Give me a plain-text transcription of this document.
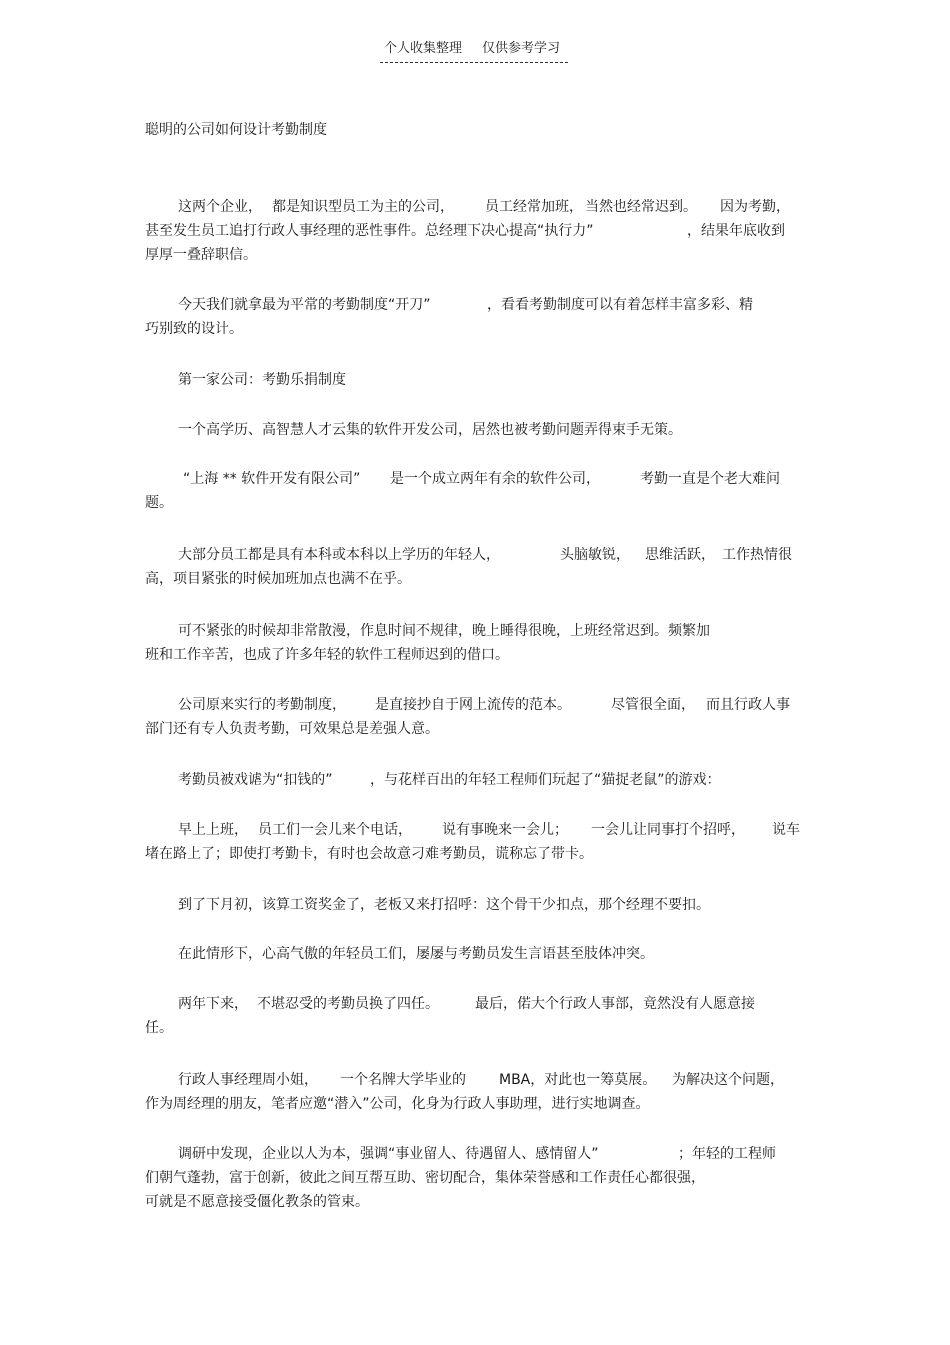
个人收集整理 仅供参考学习
聪明的公司如何设计考勤制度
这两个企业， 都是知识型员工为主的公司， 员工经常加班， 当然也经常迟到。 因为考勤，
甚至发生员工追打行政人事经理的恶性事件。总经理下决心提高“执行力”	，结果年底收到
厚厚一叠辞职信。
今天我们就拿最为平常的考勤制度“开刀”	，看看考勤制度可以有着怎样丰富多彩、精
巧别致的设计。
第一家公司：考勤乐捐制度
一个高学历、高智慧人才云集的软件开发公司，居然也被考勤问题弄得束手无策。
“上海 ** 软件开发有限公司” 是一个成立两年有余的软件公司，	考勤一直是个老大难问
题。
大部分员工都是具有本科或本科以上学历的年轻人，	头脑敏锐， 思维活跃， 工作热情很
高，项目紧张的时候加班加点也满不在乎。
可不紧张的时候却非常散漫，作息时间不规律，晚上睡得很晚，上班经常迟到。频繁加
班和工作辛苦，也成了许多年轻的软件工程师迟到的借口。
公司原来实行的考勤制度， 是直接抄自于网上流传的范本。	尽管很全面， 而且行政人事
部门还有专人负责考勤，可效果总是差强人意。
考勤员被戏谑为“扣钱的”	，与花样百出的年轻工程师们玩起了“猫捉老鼠”的游戏：
早上上班， 员工们一会儿来个电话， 说有事晚来一会儿； 一会儿让同事打个招呼， 说车
堵在路上了；即使打考勤卡，有时也会故意刁难考勤员，谎称忘了带卡。
到了下月初，该算工资奖金了，老板又来打招呼：这个骨干少扣点，那个经理不要扣。
在此情形下，心高气傲的年轻员工们，屡屡与考勤员发生言语甚至肢体冲突。
两年下来， 不堪忍受的考勤员换了四任。	最后，偌大个行政人事部，竟然没有人愿意接
任。
行政人事经理周小姐， 一个名牌大学毕业的 MBA，对此也一筹莫展。 为解决这个问题，
作为周经理的朋友，笔者应邀“潜入”公司，化身为行政人事助理，进行实地调查。
调研中发现，企业以人为本，强调“事业留人、待遇留人、感情留人”	；年轻的工程师
们朝气蓬勃，富于创新，彼此之间互帮互助、密切配合，集体荣誉感和工作责任心都很强，
可就是不愿意接受僵化教条的管束。
